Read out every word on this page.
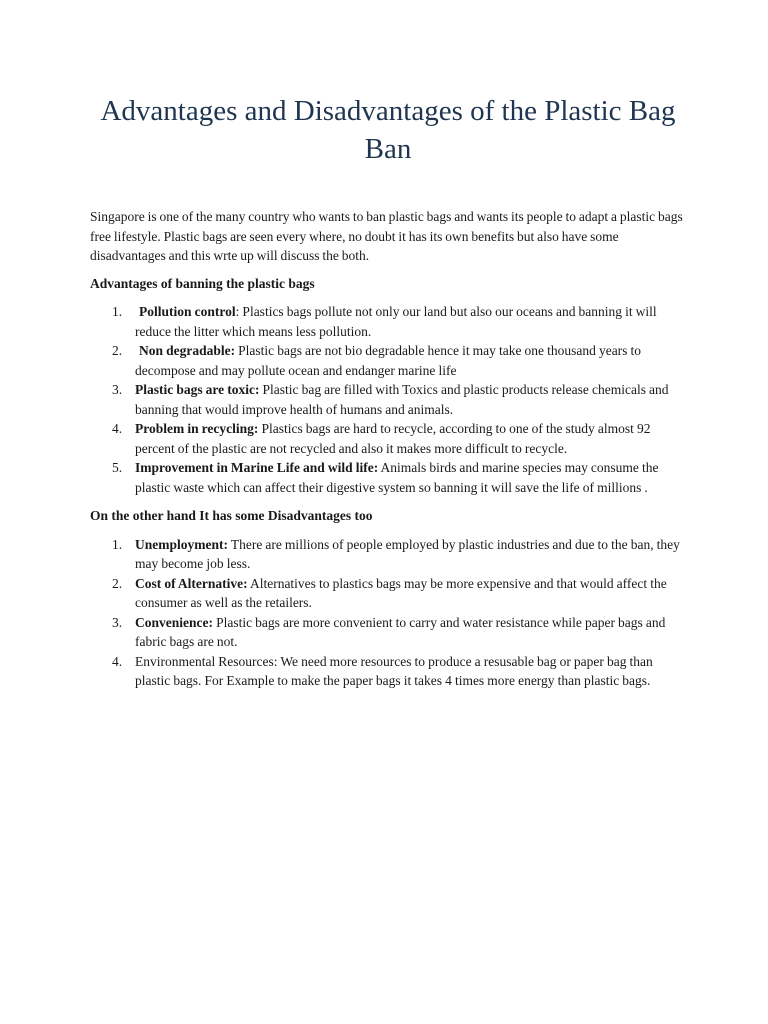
Advantages and Disadvantages of the Plastic Bag Ban

Singapore is one of the many country who wants to ban plastic bags and wants its people to adapt a plastic bags free lifestyle. Plastic bags are seen every where, no doubt it has its own benefits but also have some disadvantages and this wrte up will discuss the both.

Advantages of banning the plastic bags

1. Pollution control: Plastics bags pollute not only our land but also our oceans and banning it will reduce the litter which means less pollution.
2. Non degradable: Plastic bags are not bio degradable hence it may take one thousand years to decompose and may pollute ocean and endanger marine life
3. Plastic bags are toxic: Plastic bag are filled with Toxics and plastic products release chemicals and banning that would improve health of humans and animals.
4. Problem in recycling: Plastics bags are hard to recycle, according to one of the study almost 92 percent of the plastic are not recycled and also it makes more difficult to recycle.
5. Improvement in Marine Life and wild life: Animals birds and marine species may consume the plastic waste which can affect their digestive system so banning it will save the life of millions .

On the other hand It has some Disadvantages too

1. Unemployment: There are millions of people employed by plastic industries and due to the ban, they may become job less.
2. Cost of Alternative: Alternatives to plastics bags may be more expensive and that would affect the consumer as well as the retailers.
3. Convenience: Plastic bags are more convenient to carry and water resistance while paper bags and fabric bags are not.
4. Environmental Resources: We need more resources to produce a resusable bag or paper bag than plastic bags. For Example to make the paper bags it takes 4 times more energy than plastic bags.
